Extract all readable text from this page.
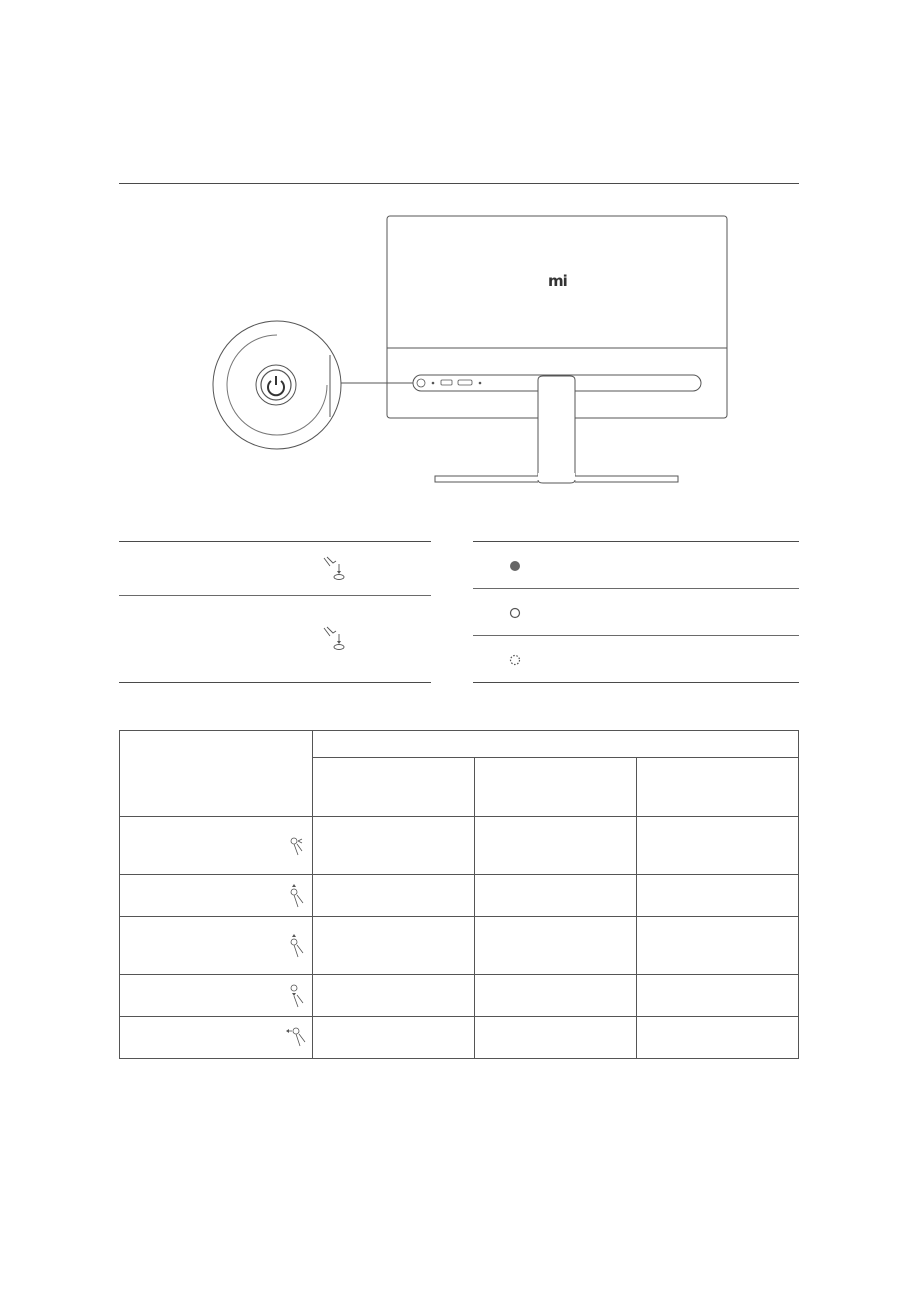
mi
